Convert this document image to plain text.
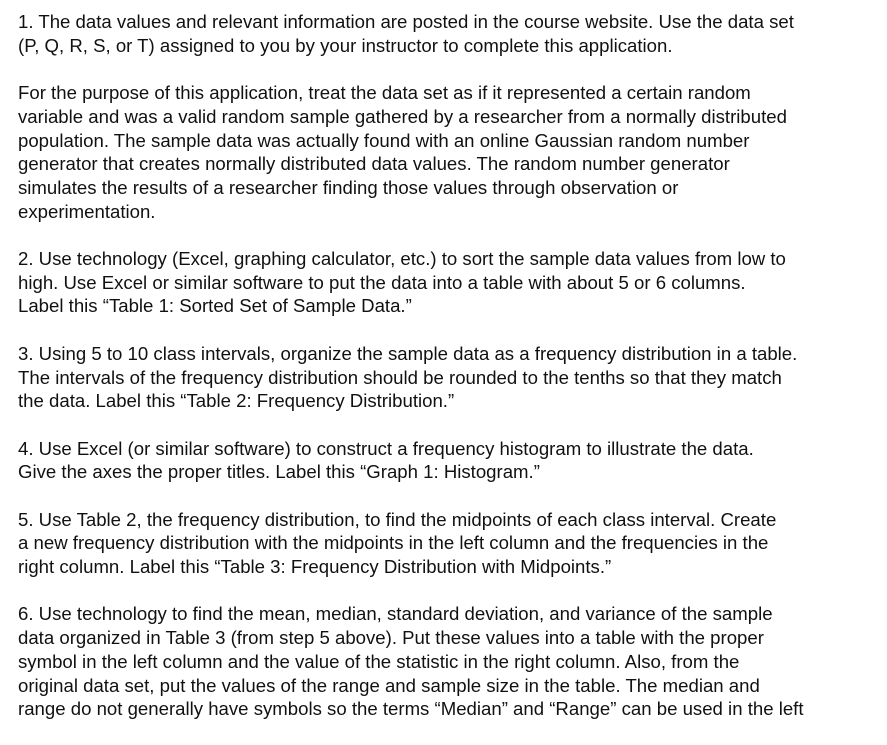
1. The data values and relevant information are posted in the course website. Use the data set
(P, Q, R, S, or T) assigned to you by your instructor to complete this application.
For the purpose of this application, treat the data set as if it represented a certain random
variable and was a valid random sample gathered by a researcher from a normally distributed
population. The sample data was actually found with an online Gaussian random number
generator that creates normally distributed data values. The random number generator
simulates the results of a researcher finding those values through observation or
experimentation.
2. Use technology (Excel, graphing calculator, etc.) to sort the sample data values from low to
high. Use Excel or similar software to put the data into a table with about 5 or 6 columns.
Label this “Table 1: Sorted Set of Sample Data.”
3. Using 5 to 10 class intervals, organize the sample data as a frequency distribution in a table.
The intervals of the frequency distribution should be rounded to the tenths so that they match
the data. Label this “Table 2: Frequency Distribution.”
4. Use Excel (or similar software) to construct a frequency histogram to illustrate the data.
Give the axes the proper titles. Label this “Graph 1: Histogram.”
5. Use Table 2, the frequency distribution, to find the midpoints of each class interval. Create
a new frequency distribution with the midpoints in the left column and the frequencies in the
right column. Label this “Table 3: Frequency Distribution with Midpoints.”
6. Use technology to find the mean, median, standard deviation, and variance of the sample
data organized in Table 3 (from step 5 above). Put these values into a table with the proper
symbol in the left column and the value of the statistic in the right column. Also, from the
original data set, put the values of the range and sample size in the table. The median and
range do not generally have symbols so the terms “Median” and “Range” can be used in the left
